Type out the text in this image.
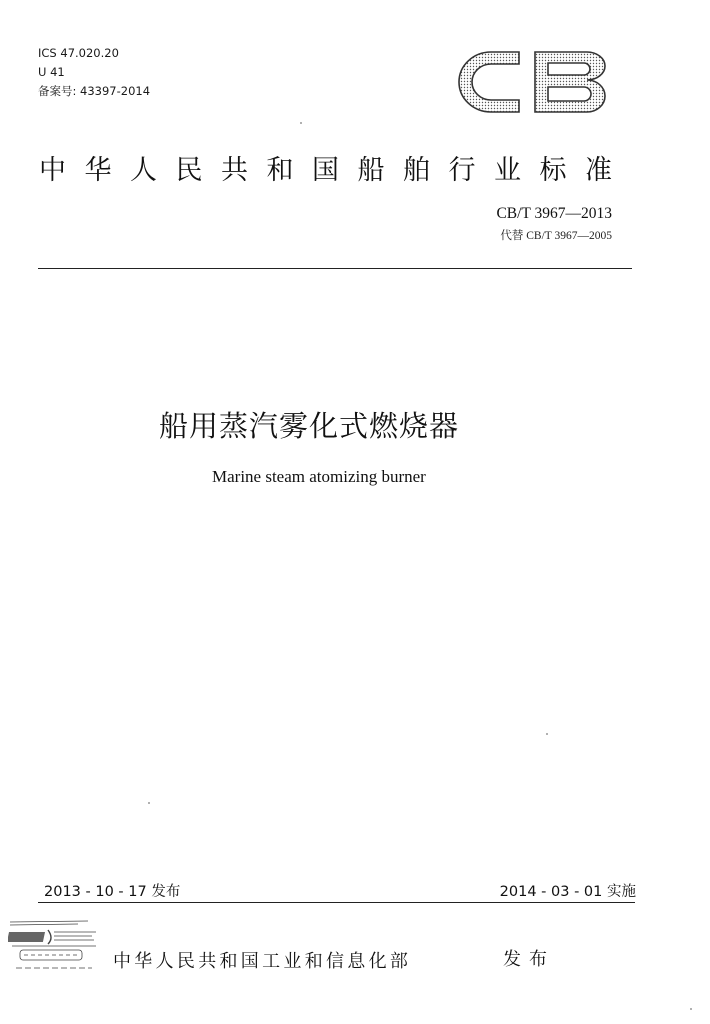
ICS 47.020.20
U 41
备案号: 43397-2014
中华人民共和国船舶行业标准
CB/T 3967—2013
代替 CB/T 3967—2005
船用蒸汽雾化式燃烧器
Marine steam atomizing burner
2013 - 10 - 17 发布	2014 - 03 - 01 实施
中华人民共和国工业和信息化部	发布
